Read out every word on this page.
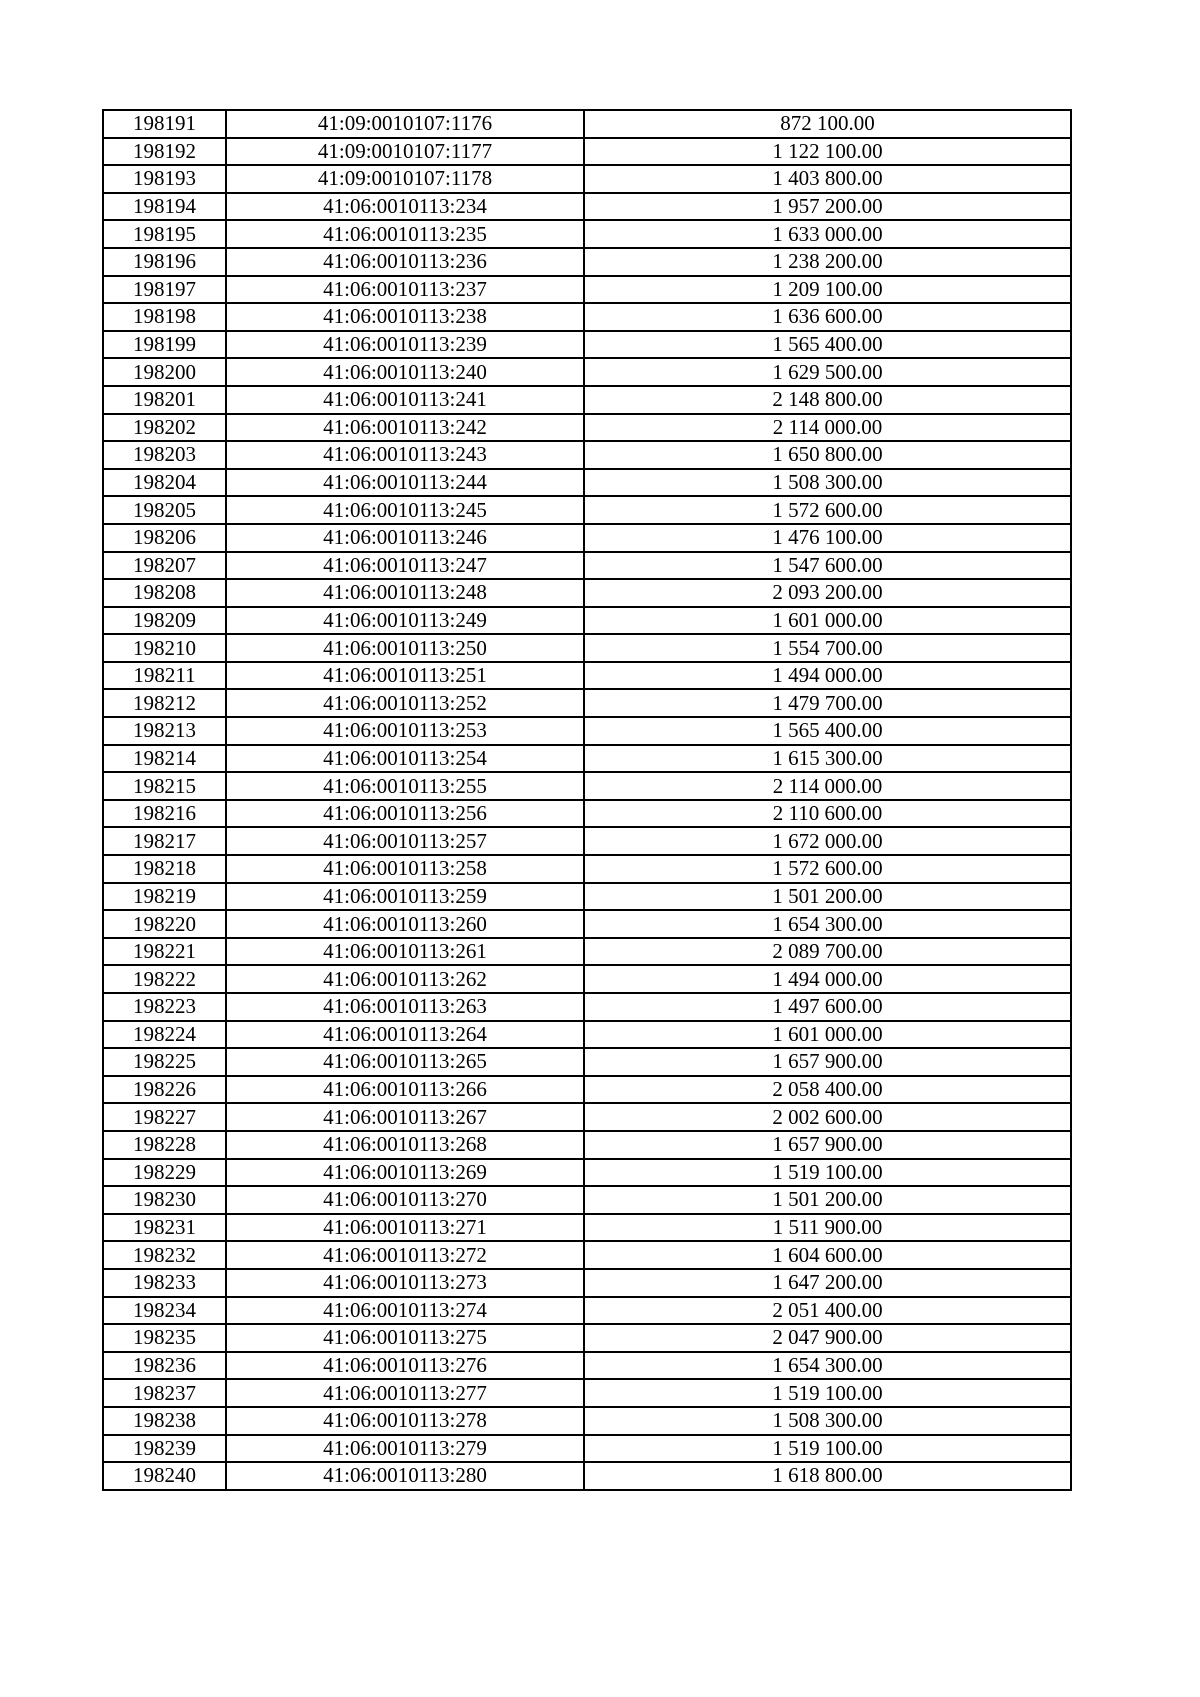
198191	41:09:0010107:1176	872 100.00
198192	41:09:0010107:1177	1 122 100.00
198193	41:09:0010107:1178	1 403 800.00
198194	41:06:0010113:234	1 957 200.00
198195	41:06:0010113:235	1 633 000.00
198196	41:06:0010113:236	1 238 200.00
198197	41:06:0010113:237	1 209 100.00
198198	41:06:0010113:238	1 636 600.00
198199	41:06:0010113:239	1 565 400.00
198200	41:06:0010113:240	1 629 500.00
198201	41:06:0010113:241	2 148 800.00
198202	41:06:0010113:242	2 114 000.00
198203	41:06:0010113:243	1 650 800.00
198204	41:06:0010113:244	1 508 300.00
198205	41:06:0010113:245	1 572 600.00
198206	41:06:0010113:246	1 476 100.00
198207	41:06:0010113:247	1 547 600.00
198208	41:06:0010113:248	2 093 200.00
198209	41:06:0010113:249	1 601 000.00
198210	41:06:0010113:250	1 554 700.00
198211	41:06:0010113:251	1 494 000.00
198212	41:06:0010113:252	1 479 700.00
198213	41:06:0010113:253	1 565 400.00
198214	41:06:0010113:254	1 615 300.00
198215	41:06:0010113:255	2 114 000.00
198216	41:06:0010113:256	2 110 600.00
198217	41:06:0010113:257	1 672 000.00
198218	41:06:0010113:258	1 572 600.00
198219	41:06:0010113:259	1 501 200.00
198220	41:06:0010113:260	1 654 300.00
198221	41:06:0010113:261	2 089 700.00
198222	41:06:0010113:262	1 494 000.00
198223	41:06:0010113:263	1 497 600.00
198224	41:06:0010113:264	1 601 000.00
198225	41:06:0010113:265	1 657 900.00
198226	41:06:0010113:266	2 058 400.00
198227	41:06:0010113:267	2 002 600.00
198228	41:06:0010113:268	1 657 900.00
198229	41:06:0010113:269	1 519 100.00
198230	41:06:0010113:270	1 501 200.00
198231	41:06:0010113:271	1 511 900.00
198232	41:06:0010113:272	1 604 600.00
198233	41:06:0010113:273	1 647 200.00
198234	41:06:0010113:274	2 051 400.00
198235	41:06:0010113:275	2 047 900.00
198236	41:06:0010113:276	1 654 300.00
198237	41:06:0010113:277	1 519 100.00
198238	41:06:0010113:278	1 508 300.00
198239	41:06:0010113:279	1 519 100.00
198240	41:06:0010113:280	1 618 800.00
